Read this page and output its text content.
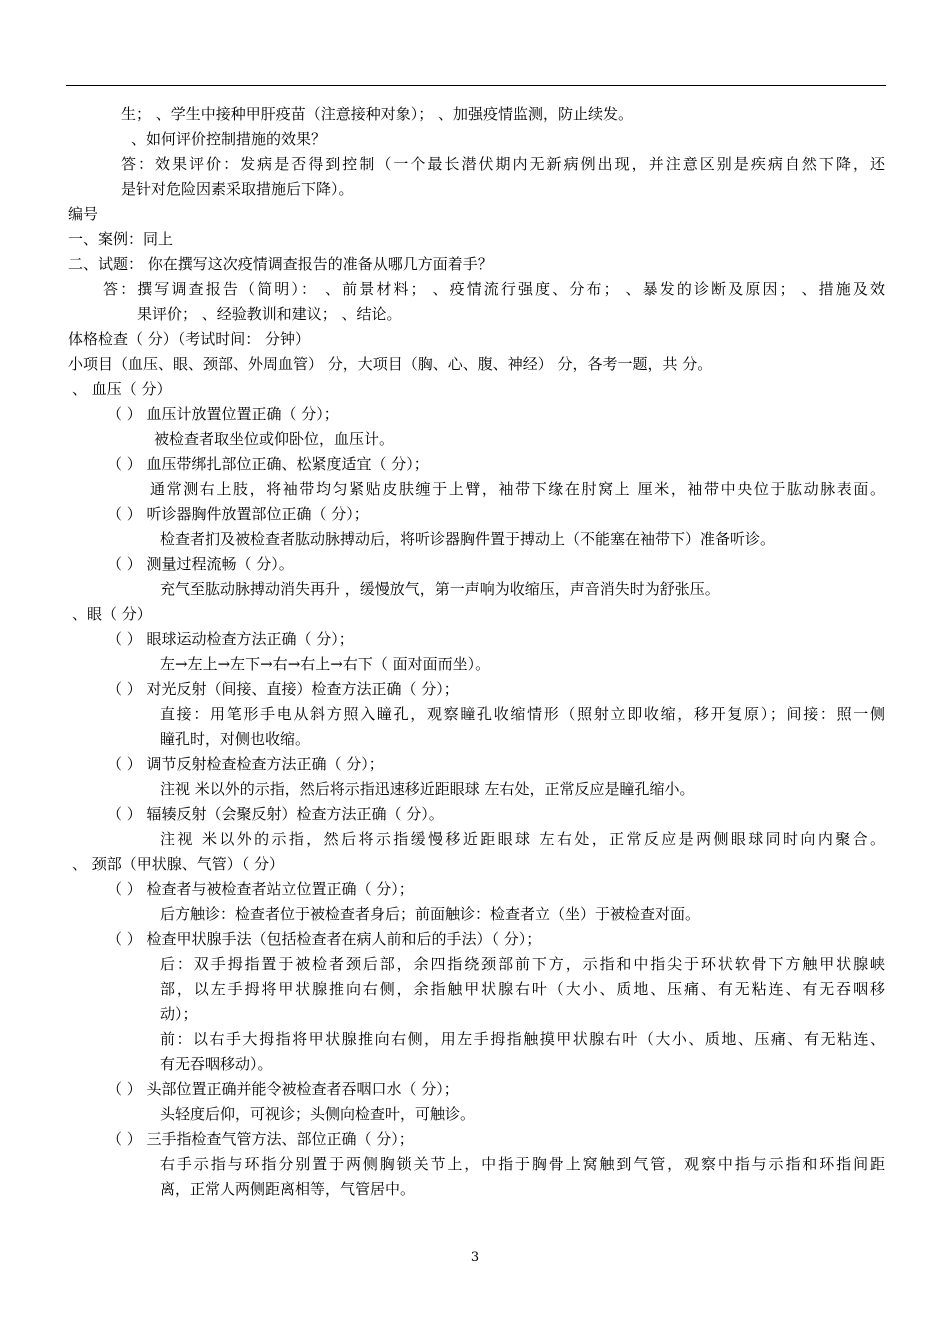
生； 、学生中接种甲肝疫苗（注意接种对象）； 、加强疫情监测，防止续发。
、如何评价控制措施的效果？
答：效果评价：发病是否得到控制（一个最长潜伏期内无新病例出现，并注意区别是疾病自然下降，还
是针对危险因素采取措施后下降）。
编号
一、案例：同上
二、试题： 你在撰写这次疫情调查报告的准备从哪几方面着手？
答：撰写调查报告（简明）： 、前景材料； 、疫情流行强度、分布； 、暴发的诊断及原因； 、措施及效
果评价； 、经验教训和建议； 、结论。
体格检查（ 分）（考试时间： 分钟）
小项目（血压、眼、颈部、外周血管） 分，大项目（胸、心、腹、神经） 分，各考一题，共 分。
、 血压（ 分）
（ ） 血压计放置位置正确（ 分）；
被检查者取坐位或仰卧位，血压计。
（ ） 血压带绑扎部位正确、松紧度适宜（ 分）；
通常测右上肢，将袖带均匀紧贴皮肤缠于上臂，袖带下缘在肘窝上 厘米，袖带中央位于肱动脉表面。
（ ） 听诊器胸件放置部位正确（ 分）；
检查者扪及被检查者肱动脉搏动后，将听诊器胸件置于搏动上（不能塞在袖带下）准备听诊。
（ ） 测量过程流畅（ 分）。
充气至肱动脉搏动消失再升 ，缓慢放气，第一声响为收缩压，声音消失时为舒张压。
、眼（ 分）
（ ） 眼球运动检查方法正确（ 分）；
左→左上→左下→右→右上→右下（ 面对面而坐）。
（ ） 对光反射（间接、直接）检查方法正确（ 分）；
直接：用笔形手电从斜方照入瞳孔，观察瞳孔收缩情形（照射立即收缩，移开复原）；间接：照一侧
瞳孔时，对侧也收缩。
（ ） 调节反射检查检查方法正确（ 分）；
注视 米以外的示指，然后将示指迅速移近距眼球 左右处，正常反应是瞳孔缩小。
（ ） 辐辏反射（会聚反射）检查方法正确（ 分）。
注视 米以外的示指，然后将示指缓慢移近距眼球 左右处，正常反应是两侧眼球同时向内聚合。
、 颈部（甲状腺、气管）（ 分）
（ ） 检查者与被检查者站立位置正确（ 分）；
后方触诊：检查者位于被检查者身后；前面触诊：检查者立（坐）于被检查对面。
（ ） 检查甲状腺手法（包括检查者在病人前和后的手法）（ 分）；
后：双手拇指置于被检者颈后部，余四指绕颈部前下方，示指和中指尖于环状软骨下方触甲状腺峡
部，以左手拇将甲状腺推向右侧，余指触甲状腺右叶（大小、质地、压痛、有无粘连、有无吞咽移
动）；
前：以右手大拇指将甲状腺推向右侧，用左手拇指触摸甲状腺右叶（大小、质地、压痛、有无粘连、
有无吞咽移动）。
（ ） 头部位置正确并能令被检查者吞咽口水（ 分）；
头轻度后仰，可视诊；头侧向检查叶，可触诊。
（ ） 三手指检查气管方法、部位正确（ 分）；
右手示指与环指分别置于两侧胸锁关节上，中指于胸骨上窝触到气管，观察中指与示指和环指间距
离，正常人两侧距离相等，气管居中。
3
